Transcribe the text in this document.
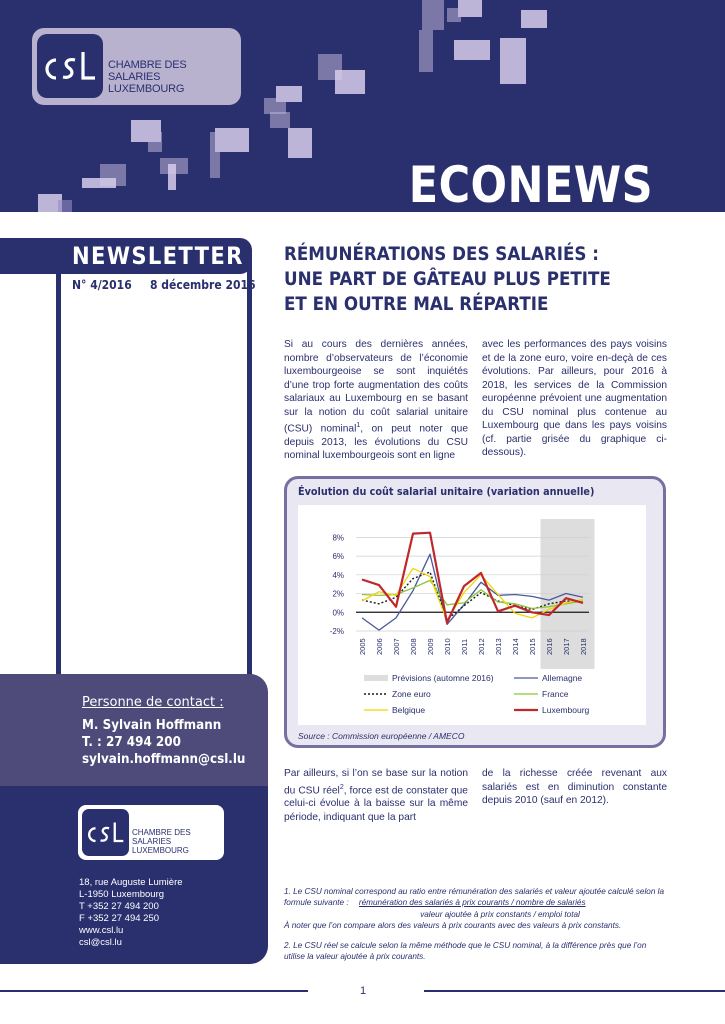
CHAMBRE DES SALARIES
LUXEMBOURG
ECONEWS
NEWSLETTER
N° 4/2016 8 décembre 2016
Personne de contact :
M. Sylvain Hoffmann
T. : 27 494 200
sylvain.hoffmann@csl.lu
CHAMBRE DES SALARIES
LUXEMBOURG
18, rue Auguste Lumière
L-1950 Luxembourg
T +352 27 494 200
F +352 27 494 250
www.csl.lu
csl@csl.lu
RÉMUNÉRATIONS DES SALARIÉS :
UNE PART DE GÂTEAU PLUS PETITE
ET EN OUTRE MAL RÉPARTIE
Si au cours des dernières années, nombre d’observateurs de l’économie luxembourgeoise se sont inquiétés d’une trop forte augmentation des coûts salariaux au Luxembourg en se basant sur la notion du coût salarial unitaire (CSU) nominal$^1$, on peut noter que depuis 2013, les évolutions du CSU nominal luxembourgeois sont en ligne
avec les performances des pays voisins et de la zone euro, voire en-deçà de ces évolutions. Par ailleurs, pour 2016 à 2018, les services de la Commission européenne prévoient une augmentation du CSU nominal plus contenue au Luxembourg que dans les pays voisins (cf. partie grisée du graphique ci-dessous).
Évolution du coût salarial unitaire (variation annuelle)
-2%
0%
2%
4%
6%
8%
2005 2006 2007 2008 2009 2010 2011 2012 2013 2014 2015 2016 2017 2018
Prévisions (automne 2016)	Allemagne
Zone euro	France
Belgique	Luxembourg
Source : Commission européenne / AMECO
Par ailleurs, si l’on se base sur la notion du CSU réel$^2$, force est de constater que celui-ci évolue à la baisse sur la même période, indiquant que la part
de la richesse créée revenant aux salariés est en diminution constante depuis 2010 (sauf en 2012).
1. Le CSU nominal correspond au ratio entre rémunération des salariés et valeur ajoutée calculé selon la formule suivante : rémunération des salariés à prix courants / nombre de salariés
valeur ajoutée à prix constants / emploi total
À noter que l’on compare alors des valeurs à prix courants avec des valeurs à prix constants.
2. Le CSU réel se calcule selon la même méthode que le CSU nominal, à la différence près que l’on utilise la valeur ajoutée à prix courants.
1
